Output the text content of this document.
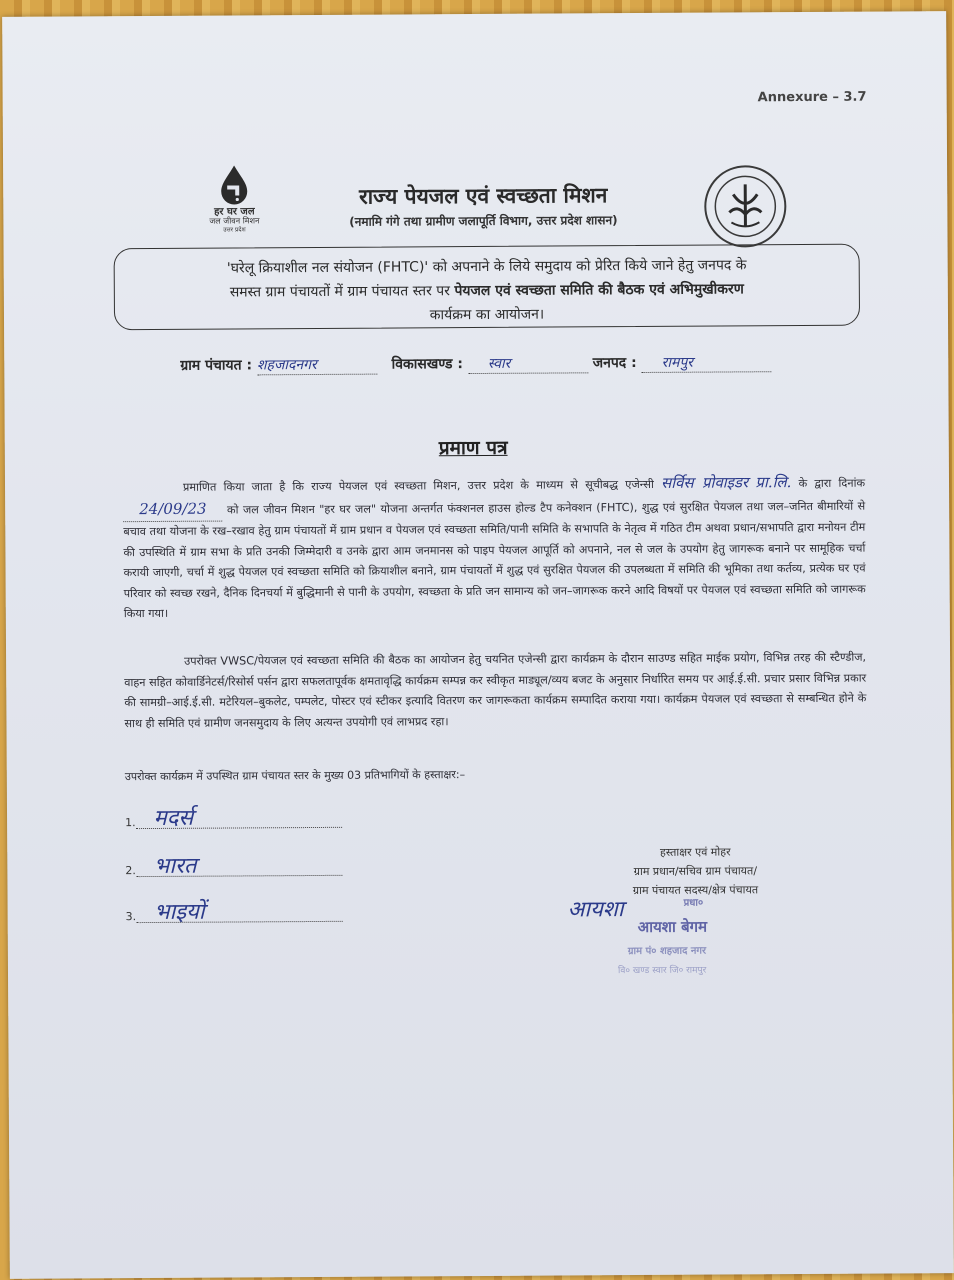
Annexure – 3.7
हर घर जल
जल जीवन मिशन
उत्तर प्रदेश
राज्य पेयजल एवं स्वच्छता मिशन
(नमामि गंगे तथा ग्रामीण जलापूर्ति विभाग, उत्तर प्रदेश शासन)
'घरेलू क्रियाशील नल संयोजन (FHTC)' को अपनाने के लिये समुदाय को प्रेरित किये जाने हेतु जनपद के
समस्त ग्राम पंचायतों में ग्राम पंचायत स्तर पर पेयजल एवं स्वच्छता समिति की बैठक एवं अभिमुखीकरण
कार्यक्रम का आयोजन।
ग्राम पंचायत : शहजादनगर	विकासखण्ड : स्वार	जनपद : रामपुर
प्रमाण पत्र
प्रमाणित किया जाता है कि राज्य पेयजल एवं स्वच्छता मिशन, उत्तर प्रदेश के माध्यम से सूचीबद्ध एजेन्सी सर्विस प्रोवाइडर प्रा.लि. के द्वारा दिनांक 24/09/23 को जल जीवन मिशन "हर घर जल" योजना अन्तर्गत फंक्शनल हाउस होल्ड टैप कनेक्शन (FHTC), शुद्ध एवं सुरक्षित पेयजल तथा जल–जनित बीमारियों से बचाव तथा योजना के रख–रखाव हेतु ग्राम पंचायतों में ग्राम प्रधान व पेयजल एवं स्वच्छता समिति/पानी समिति के सभापति के नेतृत्व में गठित टीम अथवा प्रधान/सभापति द्वारा मनोयन टीम की उपस्थिति में ग्राम सभा के प्रति उनकी जिम्मेदारी व उनके द्वारा आम जनमानस को पाइप पेयजल आपूर्ति को अपनाने, नल से जल के उपयोग हेतु जागरूक बनाने पर सामूहिक चर्चा करायी जाएगी, चर्चा में शुद्ध पेयजल एवं स्वच्छता समिति को क्रियाशील बनाने, ग्राम पंचायतों में शुद्ध एवं सुरक्षित पेयजल की उपलब्धता में समिति की भूमिका तथा कर्तव्य, प्रत्येक घर एवं परिवार को स्वच्छ रखने, दैनिक दिनचर्या में बुद्धिमानी से पानी के उपयोग, स्वच्छता के प्रति जन सामान्य को जन–जागरूक करने आदि विषयों पर पेयजल एवं स्वच्छता समिति को जागरूक किया गया।
उपरोक्त VWSC/पेयजल एवं स्वच्छता समिति की बैठक का आयोजन हेतु चयनित एजेन्सी द्वारा कार्यक्रम के दौरान साउण्ड सहित माईक प्रयोग, विभिन्न तरह की स्टैण्डीज, वाहन सहित कोवार्डिनेटर्स/रिसोर्स पर्सन द्वारा सफलतापूर्वक क्षमतावृद्धि कार्यक्रम सम्पन्न कर स्वीकृत माड्यूल/व्यय बजट के अनुसार निर्धारित समय पर आई.ई.सी. प्रचार प्रसार विभिन्न प्रकार की सामग्री–आई.ई.सी. मटेरियल–बुकलेट, पम्पलेट, पोस्टर एवं स्टीकर इत्यादि वितरण कर जागरूकता कार्यक्रम सम्पादित कराया गया। कार्यक्रम पेयजल एवं स्वच्छता से सम्बन्धित होने के साथ ही समिति एवं ग्रामीण जनसमुदाय के लिए अत्यन्त उपयोगी एवं लाभप्रद रहा।
उपरोक्त कार्यक्रम में उपस्थित ग्राम पंचायत स्तर के मुख्य 03 प्रतिभागियों के हस्ताक्षर:–
1. मदर्स
2. भारत
3. भाइयों
हस्ताक्षर एवं मोहर
ग्राम प्रधान/सचिव ग्राम पंचायत/
ग्राम पंचायत सदस्य/क्षेत्र पंचायत
आयशा	प्रधा०
आयशा बेगम
ग्राम पं० शहजाद नगर
वि० खण्ड स्वार जि० रामपुर
